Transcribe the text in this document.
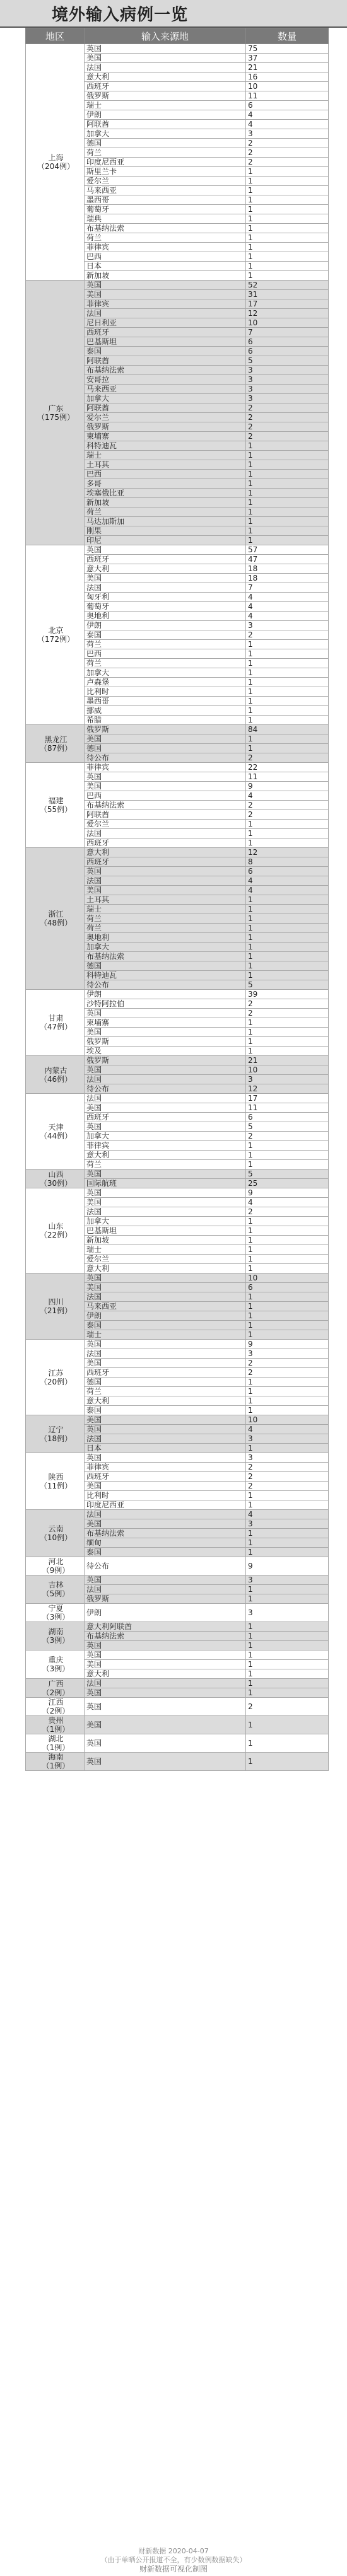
境外输入病例一览
地区	输入来源地	数量

上海
（204例）	英国	75
	美国	37
	法国	21
	意大利	16
	西班牙	10
	俄罗斯	11
	瑞士	6
	伊朗	4
	阿联酋	4
	加拿大	3
	德国	2
	荷兰	2
	印度尼西亚	2
	斯里兰卡	1
	爱尔兰	1
	马来西亚	1
	墨西哥	1
	葡萄牙	1
	瑞典	1
	布基纳法索	1
	荷兰	1
	菲律宾	1
	巴西	1
	日本	1
	新加坡	1

广东
（175例）	英国	52
	美国	31
	菲律宾	17
	法国	12
	尼日利亚	10
	西班牙	7
	巴基斯坦	6
	泰国	6
	阿联酋	5
	布基纳法索	3
	安哥拉	3
	马来西亚	3
	加拿大	3
	阿联酋	2
	爱尔兰	2
	俄罗斯	2
	柬埔寨	2
	科特迪瓦	1
	瑞士	1
	土耳其	1
	巴西	1
	多哥	1
	埃塞俄比亚	1
	新加坡	1
	荷兰	1
	马达加斯加	1
	刚果	1
	印尼	1

北京
（172例）	英国	57
	西班牙	47
	意大利	18
	美国	18
	法国	7
	匈牙利	4
	葡萄牙	4
	奥地利	4
	伊朗	3
	泰国	2
	荷兰	1
	巴西	1
	荷兰	1
	加拿大	1
	卢森堡	1
	比利时	1
	墨西哥	1
	挪威	1
	希腊	1

黑龙江
（87例）	俄罗斯	84
	美国	1
	德国	1
	待公布	2

福建
（55例）	菲律宾	22
	英国	11
	美国	9
	巴西	4
	布基纳法索	2
	阿联酋	2
	爱尔兰	1
	法国	1
	西班牙	1

浙江
（48例）	意大利	12
	西班牙	8
	英国	6
	法国	4
	美国	4
	土耳其	1
	瑞士	1
	荷兰	1
	荷兰	1
	奥地利	1
	加拿大	1
	布基纳法索	1
	德国	1
	科特迪瓦	1
	待公布	5

甘肃
（47例）	伊朗	39
	沙特阿拉伯	2
	英国	2
	柬埔寨	1
	美国	1
	俄罗斯	1
	埃及	1

内蒙古
（46例）	俄罗斯	21
	英国	10
	法国	3
	待公布	12

天津
（44例）	法国	17
	美国	11
	西班牙	6
	英国	5
	加拿大	2
	菲律宾	1
	意大利	1
	荷兰	1

山西
（30例）	英国	5
	国际航班	25

山东
（22例）	英国	9
	美国	4
	法国	2
	加拿大	1
	巴基斯坦	1
	新加坡	1
	瑞士	1
	爱尔兰	1
	意大利	1

四川
（21例）	英国	10
	美国	6
	法国	1
	马来西亚	1
	伊朗	1
	泰国	1
	瑞士	1

江苏
（20例）	英国	9
	法国	3
	美国	2
	西班牙	2
	德国	1
	荷兰	1
	意大利	1
	泰国	1

辽宁
（18例）	美国	10
	英国	4
	法国	3
	日本	1

陕西
（11例）	英国	3
	菲律宾	2
	西班牙	2
	美国	2
	比利时	1
	印度尼西亚	1

云南
（10例）	法国	4
	美国	3
	布基纳法索	1
	缅甸	1
	泰国	1

河北
（9例）	待公布	9

吉林
（5例）	英国	3
	法国	1
	俄罗斯	1

宁夏
（3例）	伊朗	3

湖南
（3例）	意大利阿联酋	1
	布基纳法索	1
	英国	1

重庆
（3例）	英国	1
	美国	1
	意大利	1

广西
（2例）	法国	1
	英国	1

江西
（2例）	英国	2

贵州
（1例）	美国	1

湖北
（1例）	英国	1

海南
（1例）	英国	1
财新数据 2020-04-07
（由于单晒公开报道不全，有少数例数据缺失）
财新数据可视化制图
